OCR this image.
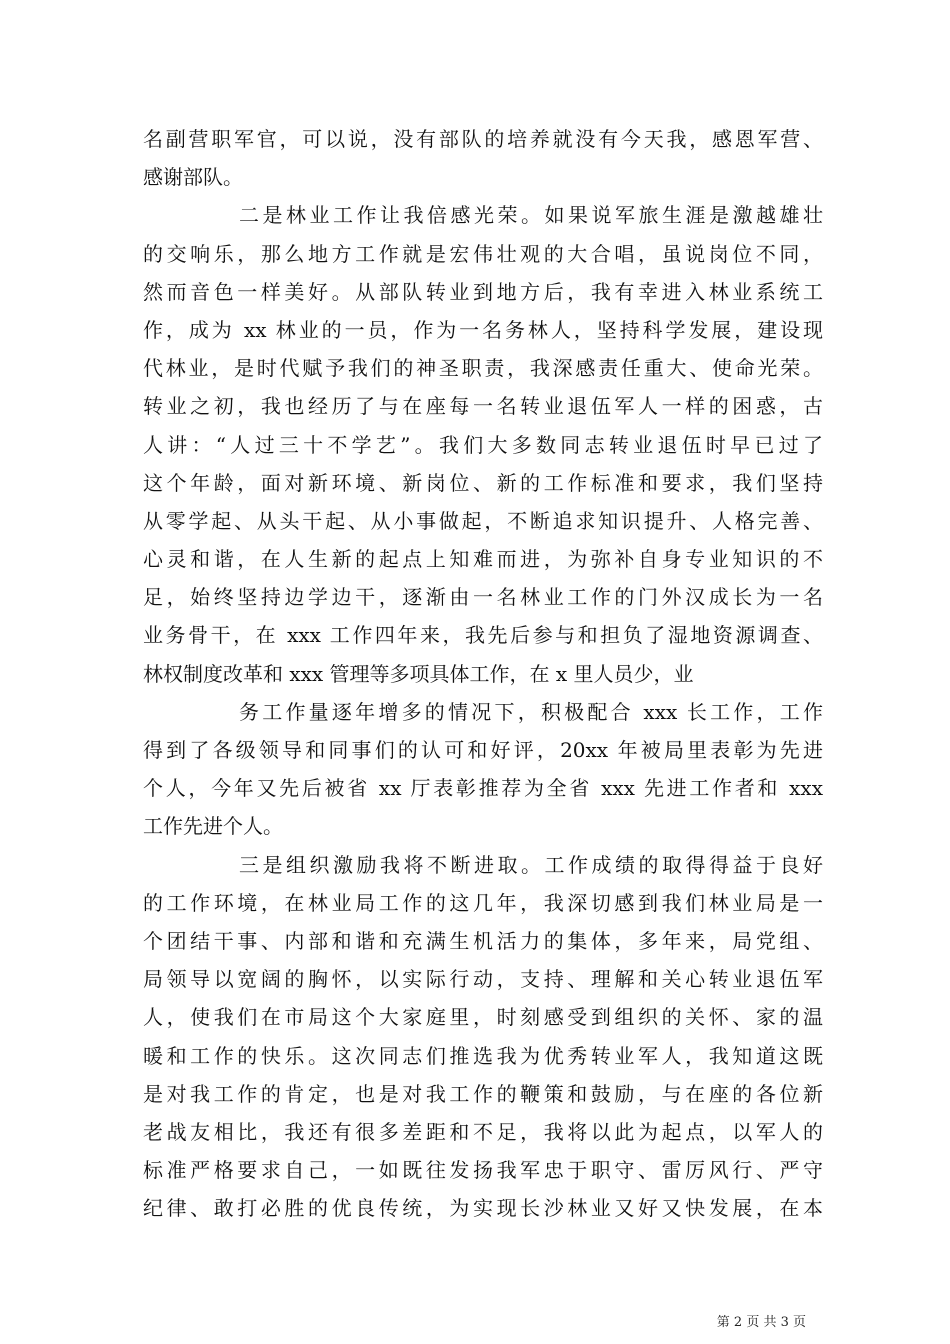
名副营职军官，可以说，没有部队的培养就没有今天我，感恩军营、
感谢部队。
二是林业工作让我倍感光荣。如果说军旅生涯是激越雄壮
的交响乐，那么地方工作就是宏伟壮观的大合唱，虽说岗位不同，
然而音色一样美好。从部队转业到地方后，我有幸进入林业系统工
作，成为 xx 林业的一员，作为一名务林人，坚持科学发展，建设现
代林业，是时代赋予我们的神圣职责，我深感责任重大、使命光荣。
转业之初，我也经历了与在座每一名转业退伍军人一样的困惑，古
人讲：“人过三十不学艺”。我们大多数同志转业退伍时早已过了
这个年龄，面对新环境、新岗位、新的工作标准和要求，我们坚持
从零学起、从头干起、从小事做起，不断追求知识提升、人格完善、
心灵和谐，在人生新的起点上知难而进，为弥补自身专业知识的不
足，始终坚持边学边干，逐渐由一名林业工作的门外汉成长为一名
业务骨干，在 xxx 工作四年来，我先后参与和担负了湿地资源调查、
林权制度改革和 xxx 管理等多项具体工作，在 x 里人员少，业
务工作量逐年增多的情况下，积极配合 xxx 长工作，工作
得到了各级领导和同事们的认可和好评，20xx 年被局里表彰为先进
个人，今年又先后被省 xx 厅表彰推荐为全省 xxx 先进工作者和 xxx
工作先进个人。
三是组织激励我将不断进取。工作成绩的取得得益于良好
的工作环境，在林业局工作的这几年，我深切感到我们林业局是一
个团结干事、内部和谐和充满生机活力的集体，多年来，局党组、
局领导以宽阔的胸怀，以实际行动，支持、理解和关心转业退伍军
人，使我们在市局这个大家庭里，时刻感受到组织的关怀、家的温
暖和工作的快乐。这次同志们推选我为优秀转业军人，我知道这既
是对我工作的肯定，也是对我工作的鞭策和鼓励，与在座的各位新
老战友相比，我还有很多差距和不足，我将以此为起点，以军人的
标准严格要求自己，一如既往发扬我军忠于职守、雷厉风行、严守
纪律、敢打必胜的优良传统，为实现长沙林业又好又快发展，在本
第 2 页 共 3 页
